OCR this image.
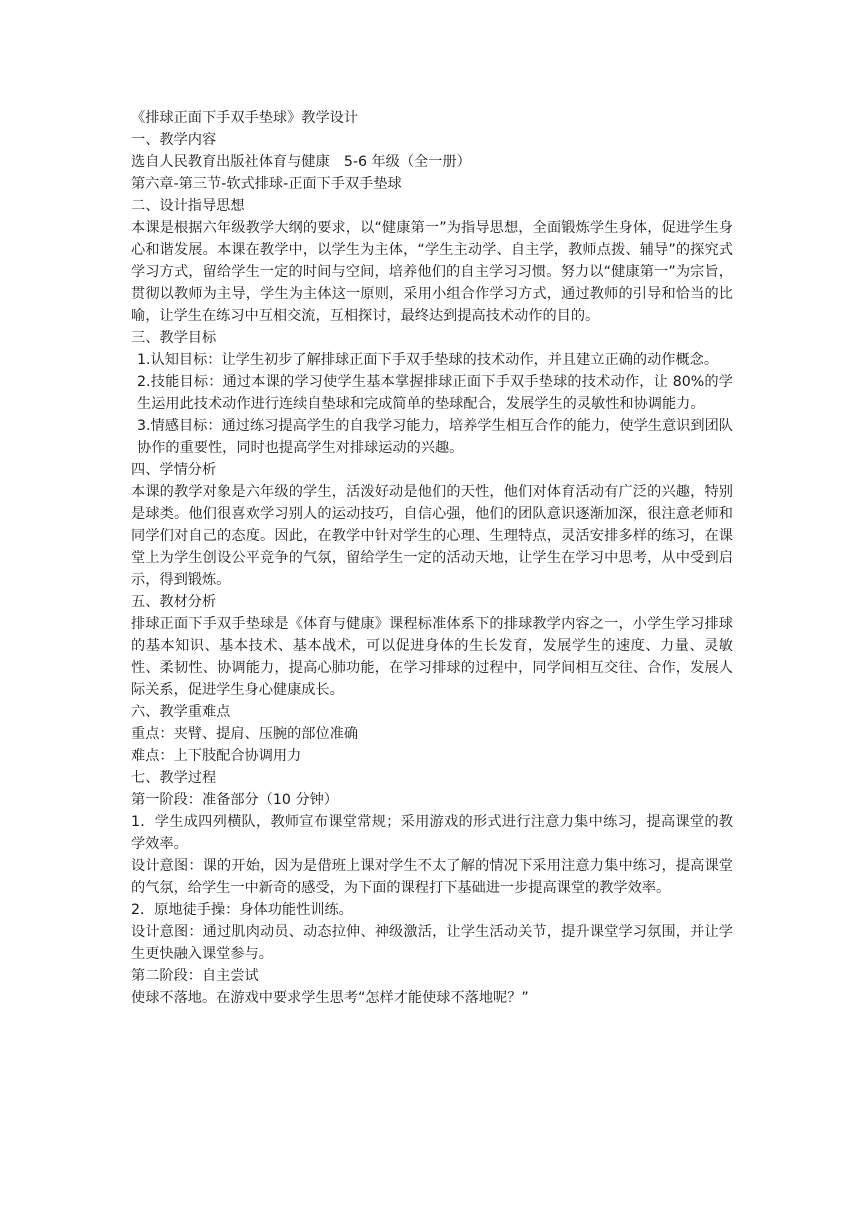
《排球正面下手双手垫球》教学设计
一、教学内容
选自人民教育出版社体育与健康　5-6 年级（全一册）
第六章-第三节-软式排球-正面下手双手垫球
二、设计指导思想
本课是根据六年级教学大纲的要求，以“健康第一”为指导思想，全面锻炼学生身体，促进学生身心和谐发展。本课在教学中，以学生为主体，“学生主动学、自主学，教师点拨、辅导”的探究式学习方式，留给学生一定的时间与空间，培养他们的自主学习习惯。努力以“健康第一”为宗旨，贯彻以教师为主导，学生为主体这一原则，采用小组合作学习方式，通过教师的引导和恰当的比喻，让学生在练习中互相交流，互相探讨，最终达到提高技术动作的目的。
三、教学目标
1.认知目标：让学生初步了解排球正面下手双手垫球的技术动作，并且建立正确的动作概念。
2.技能目标：通过本课的学习使学生基本掌握排球正面下手双手垫球的技术动作，让 80%的学生运用此技术动作进行连续自垫球和完成简单的垫球配合，发展学生的灵敏性和协调能力。
3.情感目标：通过练习提高学生的自我学习能力，培养学生相互合作的能力，使学生意识到团队协作的重要性，同时也提高学生对排球运动的兴趣。
四、学情分析
本课的教学对象是六年级的学生，活泼好动是他们的天性，他们对体育活动有广泛的兴趣，特别是球类。他们很喜欢学习别人的运动技巧，自信心强，他们的团队意识逐渐加深，很注意老师和同学们对自己的态度。因此，在教学中针对学生的心理、生理特点，灵活安排多样的练习，在课堂上为学生创设公平竞争的气氛，留给学生一定的活动天地，让学生在学习中思考，从中受到启示，得到锻炼。
五、教材分析
排球正面下手双手垫球是《体育与健康》课程标准体系下的排球教学内容之一，小学生学习排球的基本知识、基本技术、基本战术，可以促进身体的生长发育，发展学生的速度、力量、灵敏性、柔韧性、协调能力，提高心肺功能，在学习排球的过程中，同学间相互交往、合作，发展人际关系，促进学生身心健康成长。
六、教学重难点
重点：夹臂、提肩、压腕的部位准确
难点：上下肢配合协调用力
七、教学过程
第一阶段：准备部分（10 分钟）
1．学生成四列横队，教师宣布课堂常规；采用游戏的形式进行注意力集中练习，提高课堂的教学效率。
设计意图：课的开始，因为是借班上课对学生不太了解的情况下采用注意力集中练习，提高课堂的气氛，给学生一中新奇的感受，为下面的课程打下基础进一步提高课堂的教学效率。
2．原地徒手操：身体功能性训练。
设计意图：通过肌肉动员、动态拉伸、神级激活，让学生活动关节，提升课堂学习氛围，并让学生更快融入课堂参与。
第二阶段：自主尝试
使球不落地。在游戏中要求学生思考“怎样才能使球不落地呢？”
